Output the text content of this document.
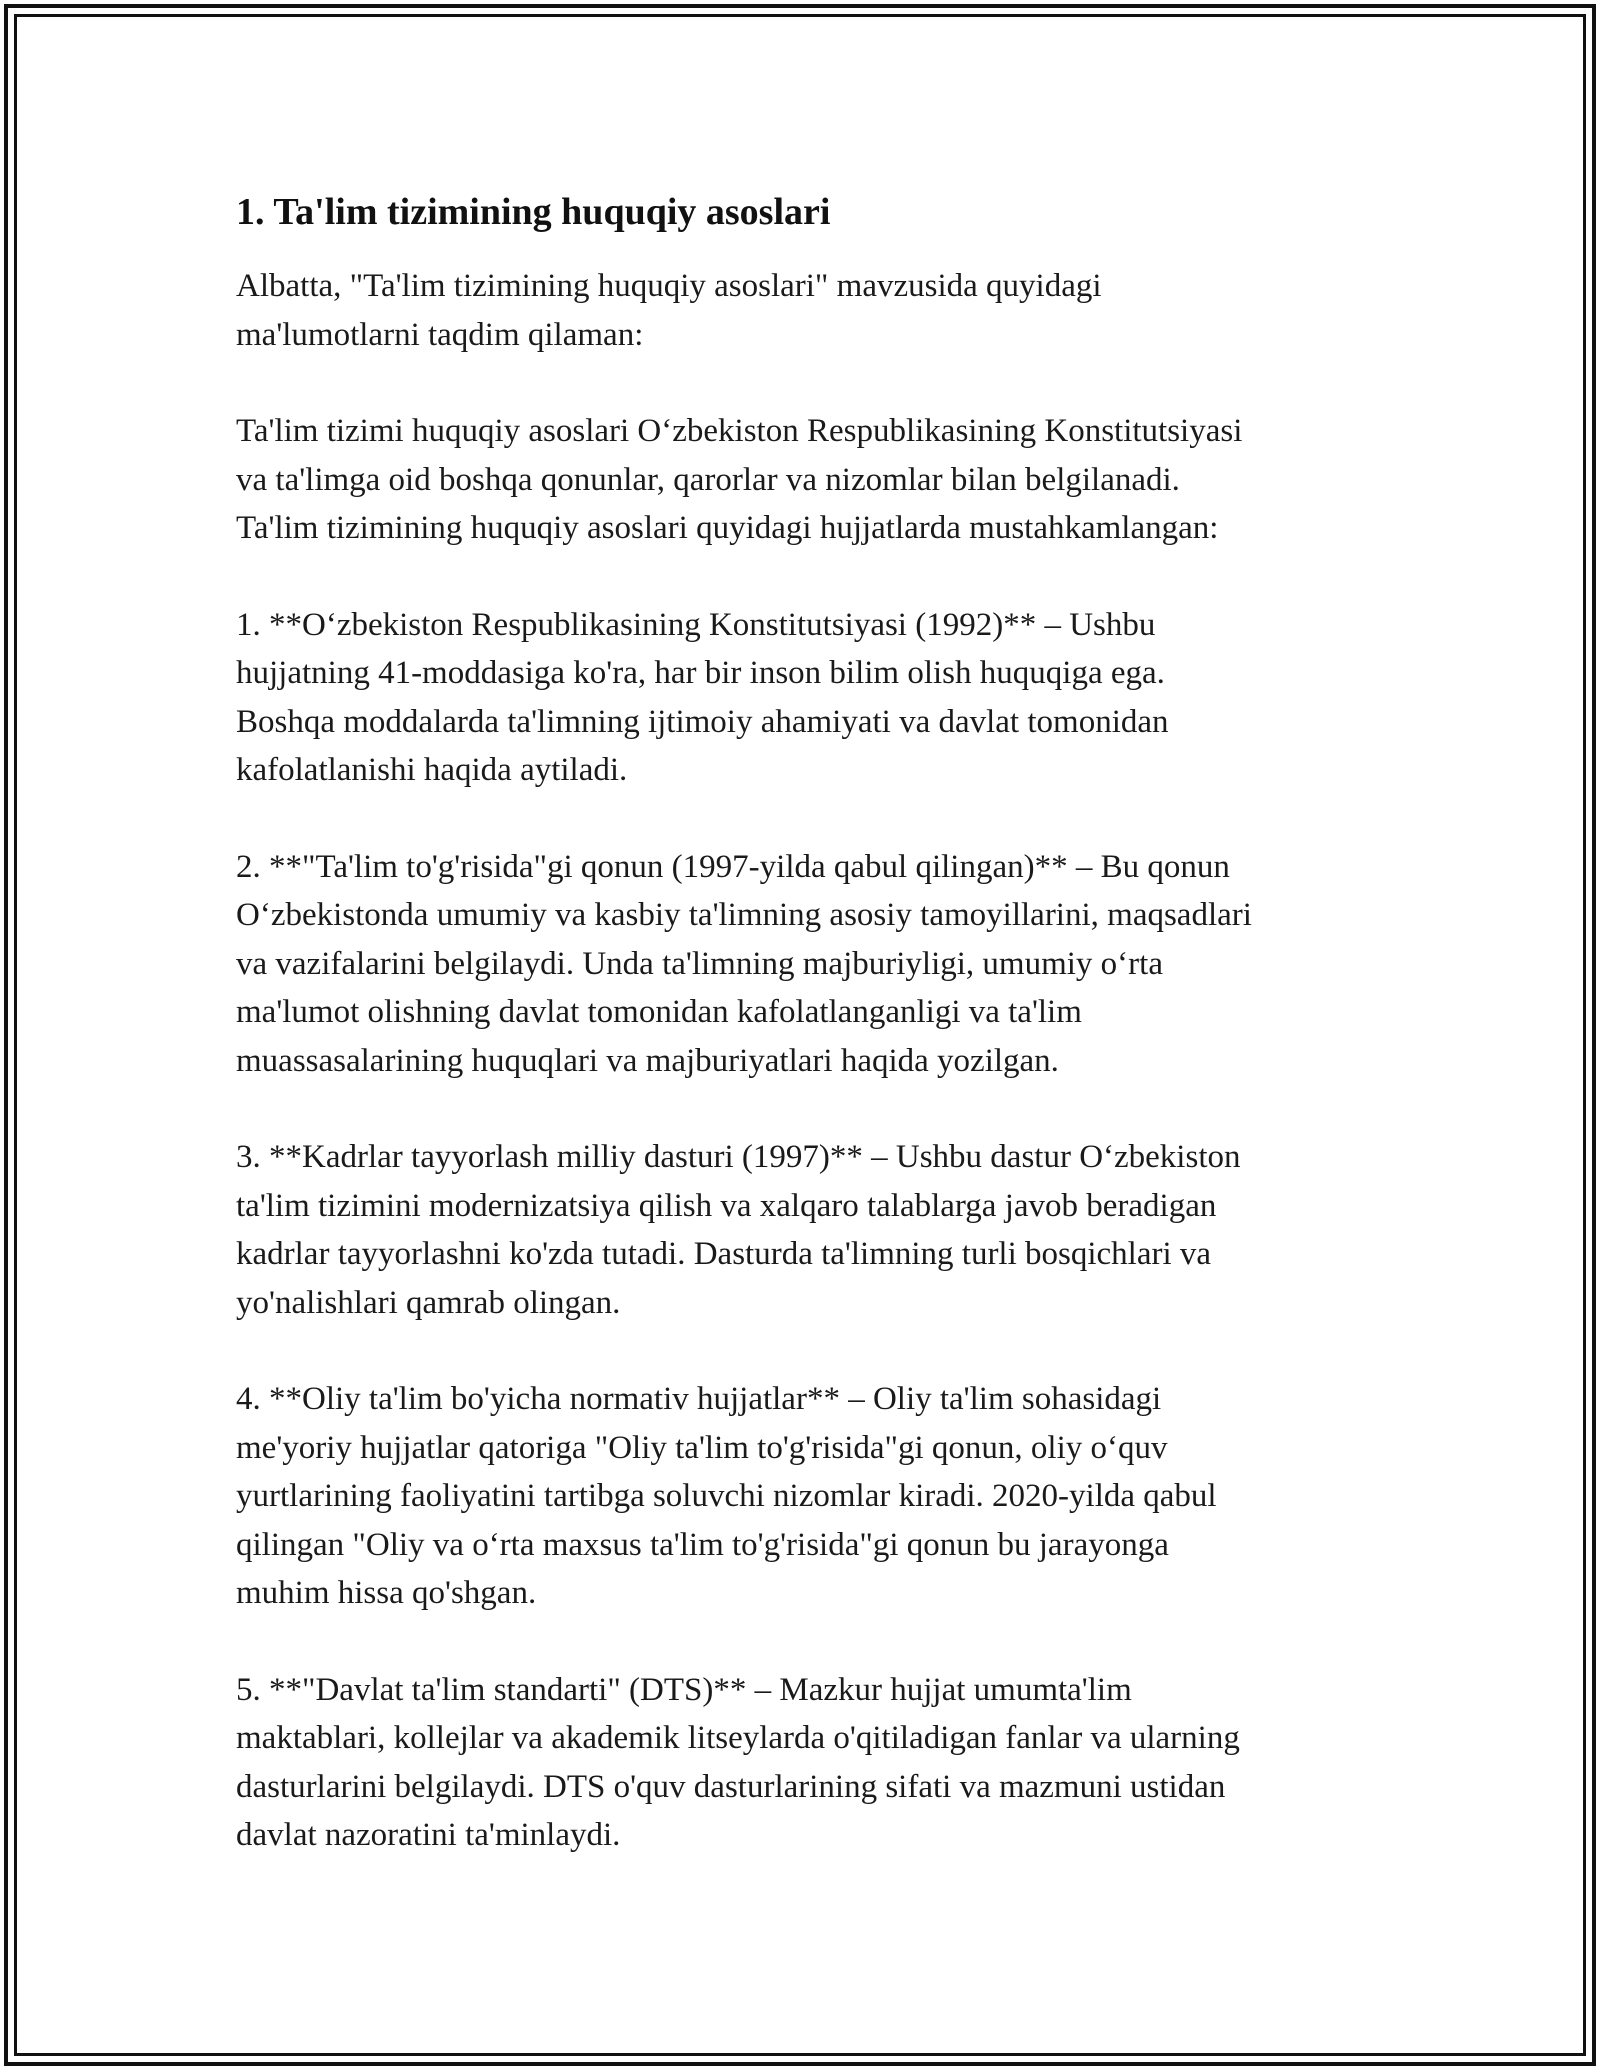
1. Ta'lim tizimining huquqiy asoslari

Albatta, "Ta'lim tizimining huquqiy asoslari" mavzusida quyidagi
ma'lumotlarni taqdim qilaman:

Ta'lim tizimi huquqiy asoslari O‘zbekiston Respublikasining Konstitutsiyasi
va ta'limga oid boshqa qonunlar, qarorlar va nizomlar bilan belgilanadi.
Ta'lim tizimining huquqiy asoslari quyidagi hujjatlarda mustahkamlangan:

1. **O‘zbekiston Respublikasining Konstitutsiyasi (1992)** – Ushbu
hujjatning 41-moddasiga ko'ra, har bir inson bilim olish huquqiga ega.
Boshqa moddalarda ta'limning ijtimoiy ahamiyati va davlat tomonidan
kafolatlanishi haqida aytiladi.

2. **"Ta'lim to'g'risida"gi qonun (1997-yilda qabul qilingan)** – Bu qonun
O‘zbekistonda umumiy va kasbiy ta'limning asosiy tamoyillarini, maqsadlari
va vazifalarini belgilaydi. Unda ta'limning majburiyligi, umumiy o‘rta
ma'lumot olishning davlat tomonidan kafolatlanganligi va ta'lim
muassasalarining huquqlari va majburiyatlari haqida yozilgan.

3. **Kadrlar tayyorlash milliy dasturi (1997)** – Ushbu dastur O‘zbekiston
ta'lim tizimini modernizatsiya qilish va xalqaro talablarga javob beradigan
kadrlar tayyorlashni ko'zda tutadi. Dasturda ta'limning turli bosqichlari va
yo'nalishlari qamrab olingan.

4. **Oliy ta'lim bo'yicha normativ hujjatlar** – Oliy ta'lim sohasidagi
me'yoriy hujjatlar qatoriga "Oliy ta'lim to'g'risida"gi qonun, oliy o‘quv
yurtlarining faoliyatini tartibga soluvchi nizomlar kiradi. 2020-yilda qabul
qilingan "Oliy va o‘rta maxsus ta'lim to'g'risida"gi qonun bu jarayonga
muhim hissa qo'shgan.

5. **"Davlat ta'lim standarti" (DTS)** – Mazkur hujjat umumta'lim
maktablari, kollejlar va akademik litseylarda o'qitiladigan fanlar va ularning
dasturlarini belgilaydi. DTS o'quv dasturlarining sifati va mazmuni ustidan
davlat nazoratini ta'minlaydi.
